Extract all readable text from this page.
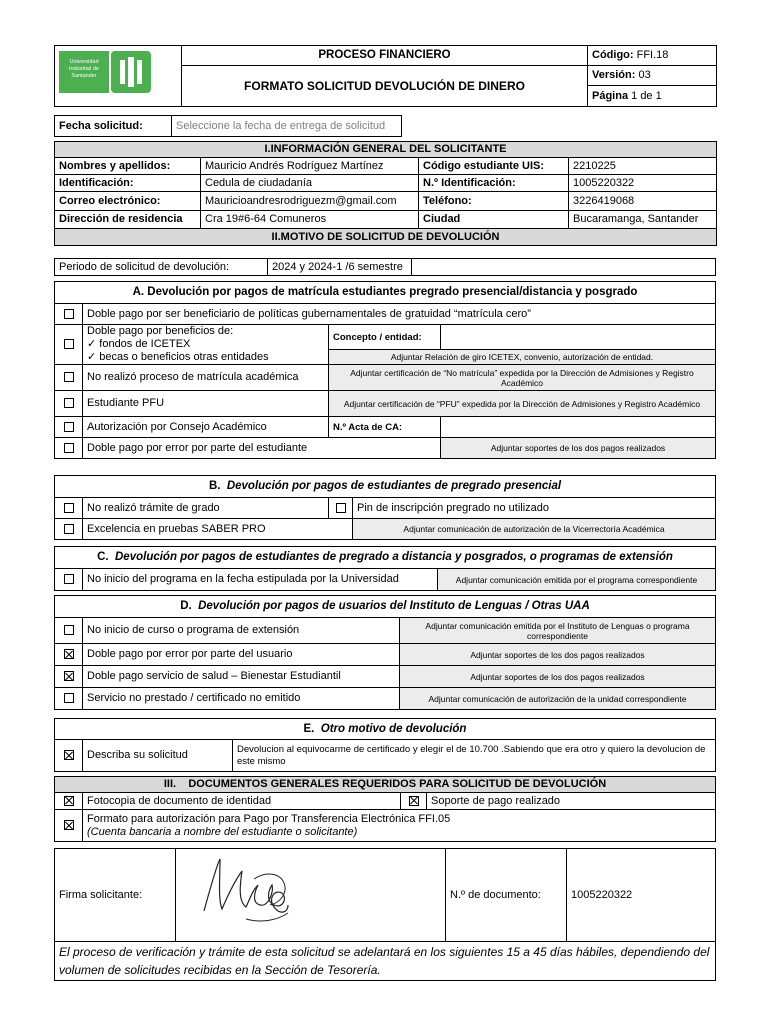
Universidad Industrial de Santander	PROCESO FINANCIERO	Código: FFI.18
	FORMATO SOLICITUD DEVOLUCIÓN DE DINERO	Versión: 03
		Página 1 de 1
Fecha solicitud:	Seleccione la fecha de entrega de solicitud	
I.INFORMACIÓN GENERAL DEL SOLICITANTE			
Nombres y apellidos:	Mauricio Andrés Rodríguez Martínez	Código estudiante UIS:	2210225
Identificación:	Cedula de ciudadanía	N.º Identificación:	1005220322
Correo electrónico:	Mauricioandresrodriguezm@gmail.com	Teléfono:	3226419068
Dirección de residencia	Cra 19#6-64 Comuneros	Ciudad	Bucaramanga, Santander
II.MOTIVO DE SOLICITUD DE DEVOLUCIÓN			
Periodo de solicitud de devolución:	2024 y 2024-1 /6 semestre	
A. Devolución por pagos de matrícula estudiantes pregrado presencial/distancia y posgrado			
	Doble pago por ser beneficiario de políticas gubernamentales de gratuidad “matrícula cero”		

	Doble pago por beneficios de:
✓ fondos de ICETEX
✓ becas o beneficios otras entidades	Concepto / entidad:	
		Adjuntar Relación de giro ICETEX, convenio, autorización de entidad.	
	No realizó proceso de matrícula académica	Adjuntar certificación de “No matrícula” expedida por la Dirección de Admisiones y Registro Académico	
	Estudiante PFU	Adjuntar certificación de “PFU” expedida por la Dirección de Admisiones y Registro Académico	
	Autorización por Consejo Académico	N.º Acta de CA:	
	Doble pago por error por parte del estudiante		Adjuntar soportes de los dos pagos realizados
B. Devolución por pagos de estudiantes de pregrado presencial			
	No realizó trámite de grado		Pin de inscripción pregrado no utilizado
	Excelencia en pruebas SABER PRO		Adjuntar comunicación de autorización de la Vicerrectoría Académica
C. Devolución por pagos de estudiantes de pregrado a distancia y posgrados, o programas de extensión
	No inicio del programa en la fecha estipulada por la Universidad	Adjuntar comunicación emitida por el programa correspondiente
D. Devolución por pagos de usuarios del Instituto de Lenguas / Otras UAA		
	No inicio de curso o programa de extensión	Adjuntar comunicación emitida por el Instituto de Lenguas o programa correspondiente
	Doble pago por error por parte del usuario	Adjuntar soportes de los dos pagos realizados
	Doble pago servicio de salud – Bienestar Estudiantil	Adjuntar soportes de los dos pagos realizados
	Servicio no prestado / certificado no emitido	Adjuntar comunicación de autorización de la unidad correspondiente
E. Otro motivo de devolución
	Describa su solicitud	Devolucion al equivocarme de certificado y elegir el de 10.700 .Sabiendo que era otro y quiero la devolucion de este mismo
III. DOCUMENTOS GENERALES REQUERIDOS PARA SOLICITUD DE DEVOLUCIÓN			
	Fotocopia de documento de identidad		Soporte de pago realizado

	Formato para autorización para Pago por Transferencia Electrónica FFI.05
(Cuenta bancaria a nombre del estudiante o solicitante)		
Firma solicitante:		N.º de documento:	1005220322
El proceso de verificación y trámite de esta solicitud se adelantará en los siguientes 15 a 45 días hábiles, dependiendo del volumen de solicitudes recibidas en la Sección de Tesorería.
